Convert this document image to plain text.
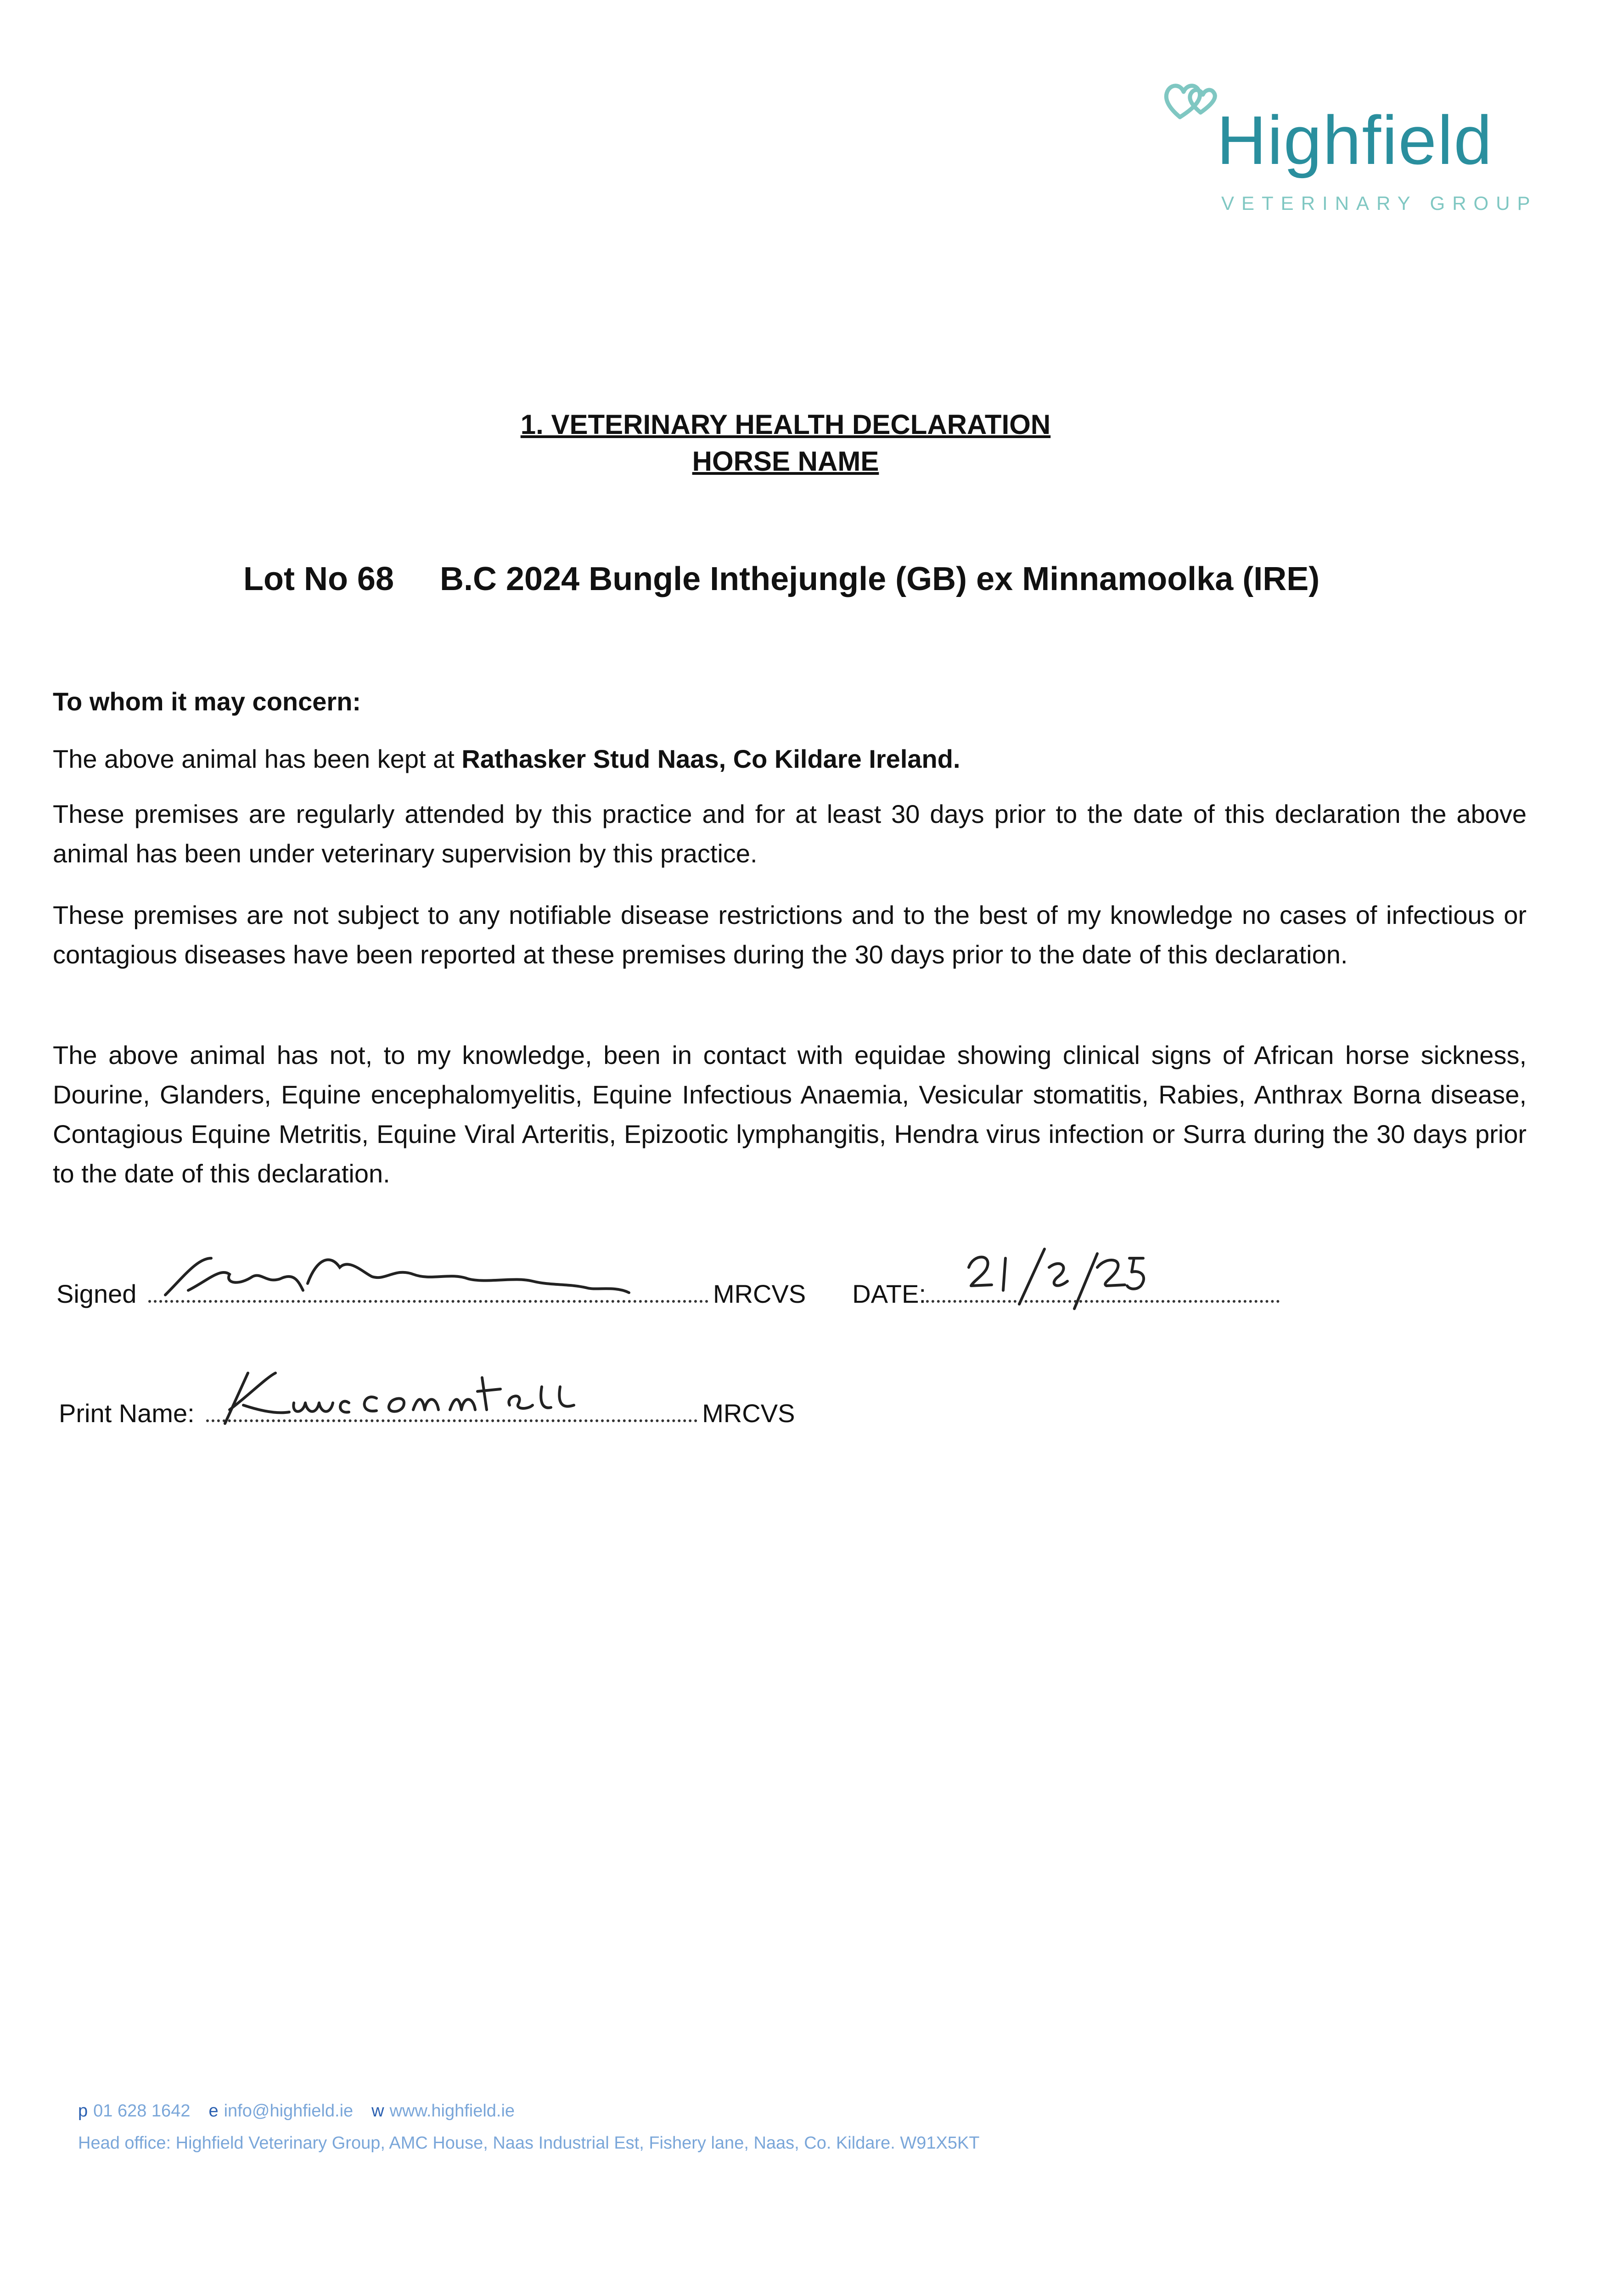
Highfield
VETERINARY GROUP
1. VETERINARY HEALTH DECLARATION
HORSE NAME
Lot No 68 B.C 2024 Bungle Inthejungle (GB) ex Minnamoolka (IRE)
To whom it may concern:
The above animal has been kept at Rathasker Stud Naas, Co Kildare Ireland.
These premises are regularly attended by this practice and for at least 30 days prior to the date of this declaration the above animal has been under veterinary supervision by this practice.
These premises are not subject to any notifiable disease restrictions and to the best of my knowledge no cases of infectious or contagious diseases have been reported at these premises during the 30 days prior to the date of this declaration.
The above animal has not, to my knowledge, been in contact with equidae showing clinical signs of African horse sickness, Dourine, Glanders, Equine encephalomyelitis, Equine Infectious Anaemia, Vesicular stomatitis, Rabies, Anthrax Borna disease, Contagious Equine Metritis, Equine Viral Arteritis, Epizootic lymphangitis, Hendra virus infection or Surra during the 30 days prior to the date of this declaration.
Signed	MRCVS DATE:
Print Name:	MRCVS
p 01 628 1642 e info@highfield.ie w www.highfield.ie
Head office: Highfield Veterinary Group, AMC House, Naas Industrial Est, Fishery lane, Naas, Co. Kildare. W91X5KT
